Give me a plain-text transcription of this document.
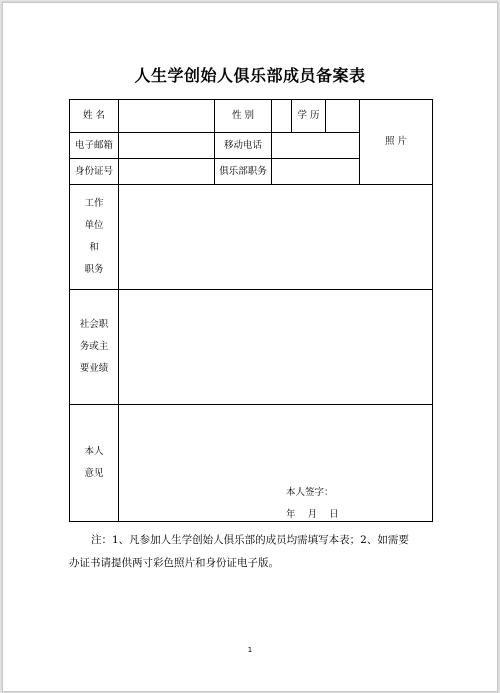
人生学创始人俱乐部成员备案表
姓 名	性 别	学 历
照 片
电子邮箱	移动电话
身份证号	俱乐部职务
工作
单位
和
职务
社会职
务或主
要业绩
本人
意见
本人签字：
年    月    日
注：1、凡参加人生学创始人俱乐部的成员均需填写本表；2、如需要
办证书请提供两寸彩色照片和身份证电子版。
1
